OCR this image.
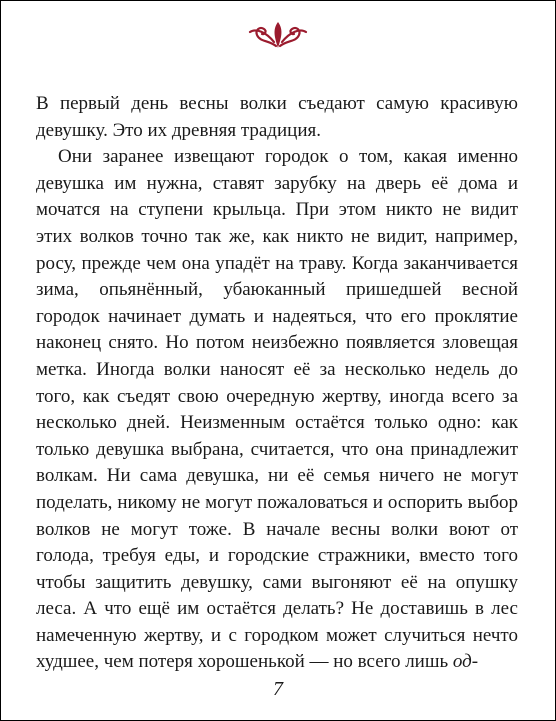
В первый день весны волки съедают самую красивую девушку. Это их древняя традиция.

Они заранее извещают городок о том, какая именно девушка им нужна, ставят зарубку на дверь её дома и мочатся на ступени крыльца. При этом никто не видит этих волков точно так же, как никто не видит, например, росу, прежде чем она упадёт на траву. Когда заканчивается зима, опьянённый, убаюканный пришедшей весной городок начинает думать и надеяться, что его проклятие наконец снято. Но потом неизбежно появляется зловещая метка. Иногда волки наносят её за несколько недель до того, как съедят свою очередную жертву, иногда всего за несколько дней. Неизменным остаётся только одно: как только девушка выбрана, считается, что она принадлежит волкам. Ни сама девушка, ни её семья ничего не могут поделать, никому не могут пожаловаться и оспорить выбор волков не могут тоже. В начале весны волки воют от голода, требуя еды, и городские стражники, вместо того чтобы защитить девушку, сами выгоняют её на опушку леса. А что ещё им остаётся делать? Не доставишь в лес намеченную жертву, и с городком может случиться нечто худшее, чем потеря хорошенькой — но всего лишь од-

7
